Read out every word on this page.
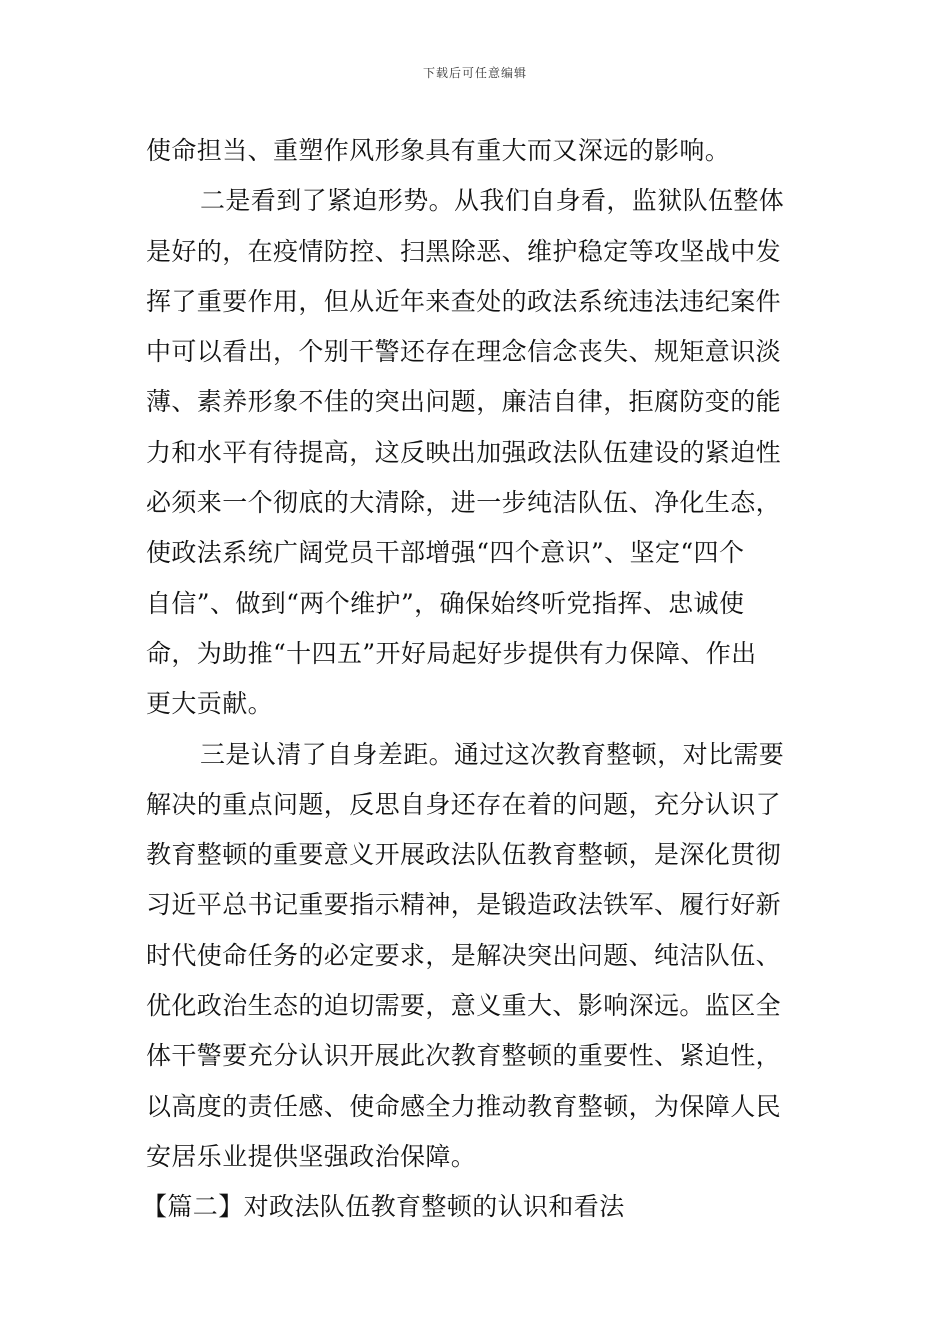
下载后可任意编辑
使命担当、重塑作风形象具有重大而又深远的影响。
二是看到了紧迫形势。从我们自身看，监狱队伍整体
是好的，在疫情防控、扫黑除恶、维护稳定等攻坚战中发
挥了重要作用，但从近年来查处的政法系统违法违纪案件
中可以看出，个别干警还存在理念信念丧失、规矩意识淡
薄、素养形象不佳的突出问题，廉洁自律，拒腐防变的能
力和水平有待提高，这反映出加强政法队伍建设的紧迫性
必须来一个彻底的大清除，进一步纯洁队伍、净化生态，
使政法系统广阔党员干部增强“四个意识”、坚定“四个
自信”、做到“两个维护”，确保始终听党指挥、忠诚使
命，为助推“十四五”开好局起好步提供有力保障、作出
更大贡献。
三是认清了自身差距。通过这次教育整顿，对比需要
解决的重点问题，反思自身还存在着的问题，充分认识了
教育整顿的重要意义开展政法队伍教育整顿，是深化贯彻
习近平总书记重要指示精神，是锻造政法铁军、履行好新
时代使命任务的必定要求，是解决突出问题、纯洁队伍、
优化政治生态的迫切需要，意义重大、影响深远。监区全
体干警要充分认识开展此次教育整顿的重要性、紧迫性，
以高度的责任感、使命感全力推动教育整顿，为保障人民
安居乐业提供坚强政治保障。
【篇二】对政法队伍教育整顿的认识和看法
